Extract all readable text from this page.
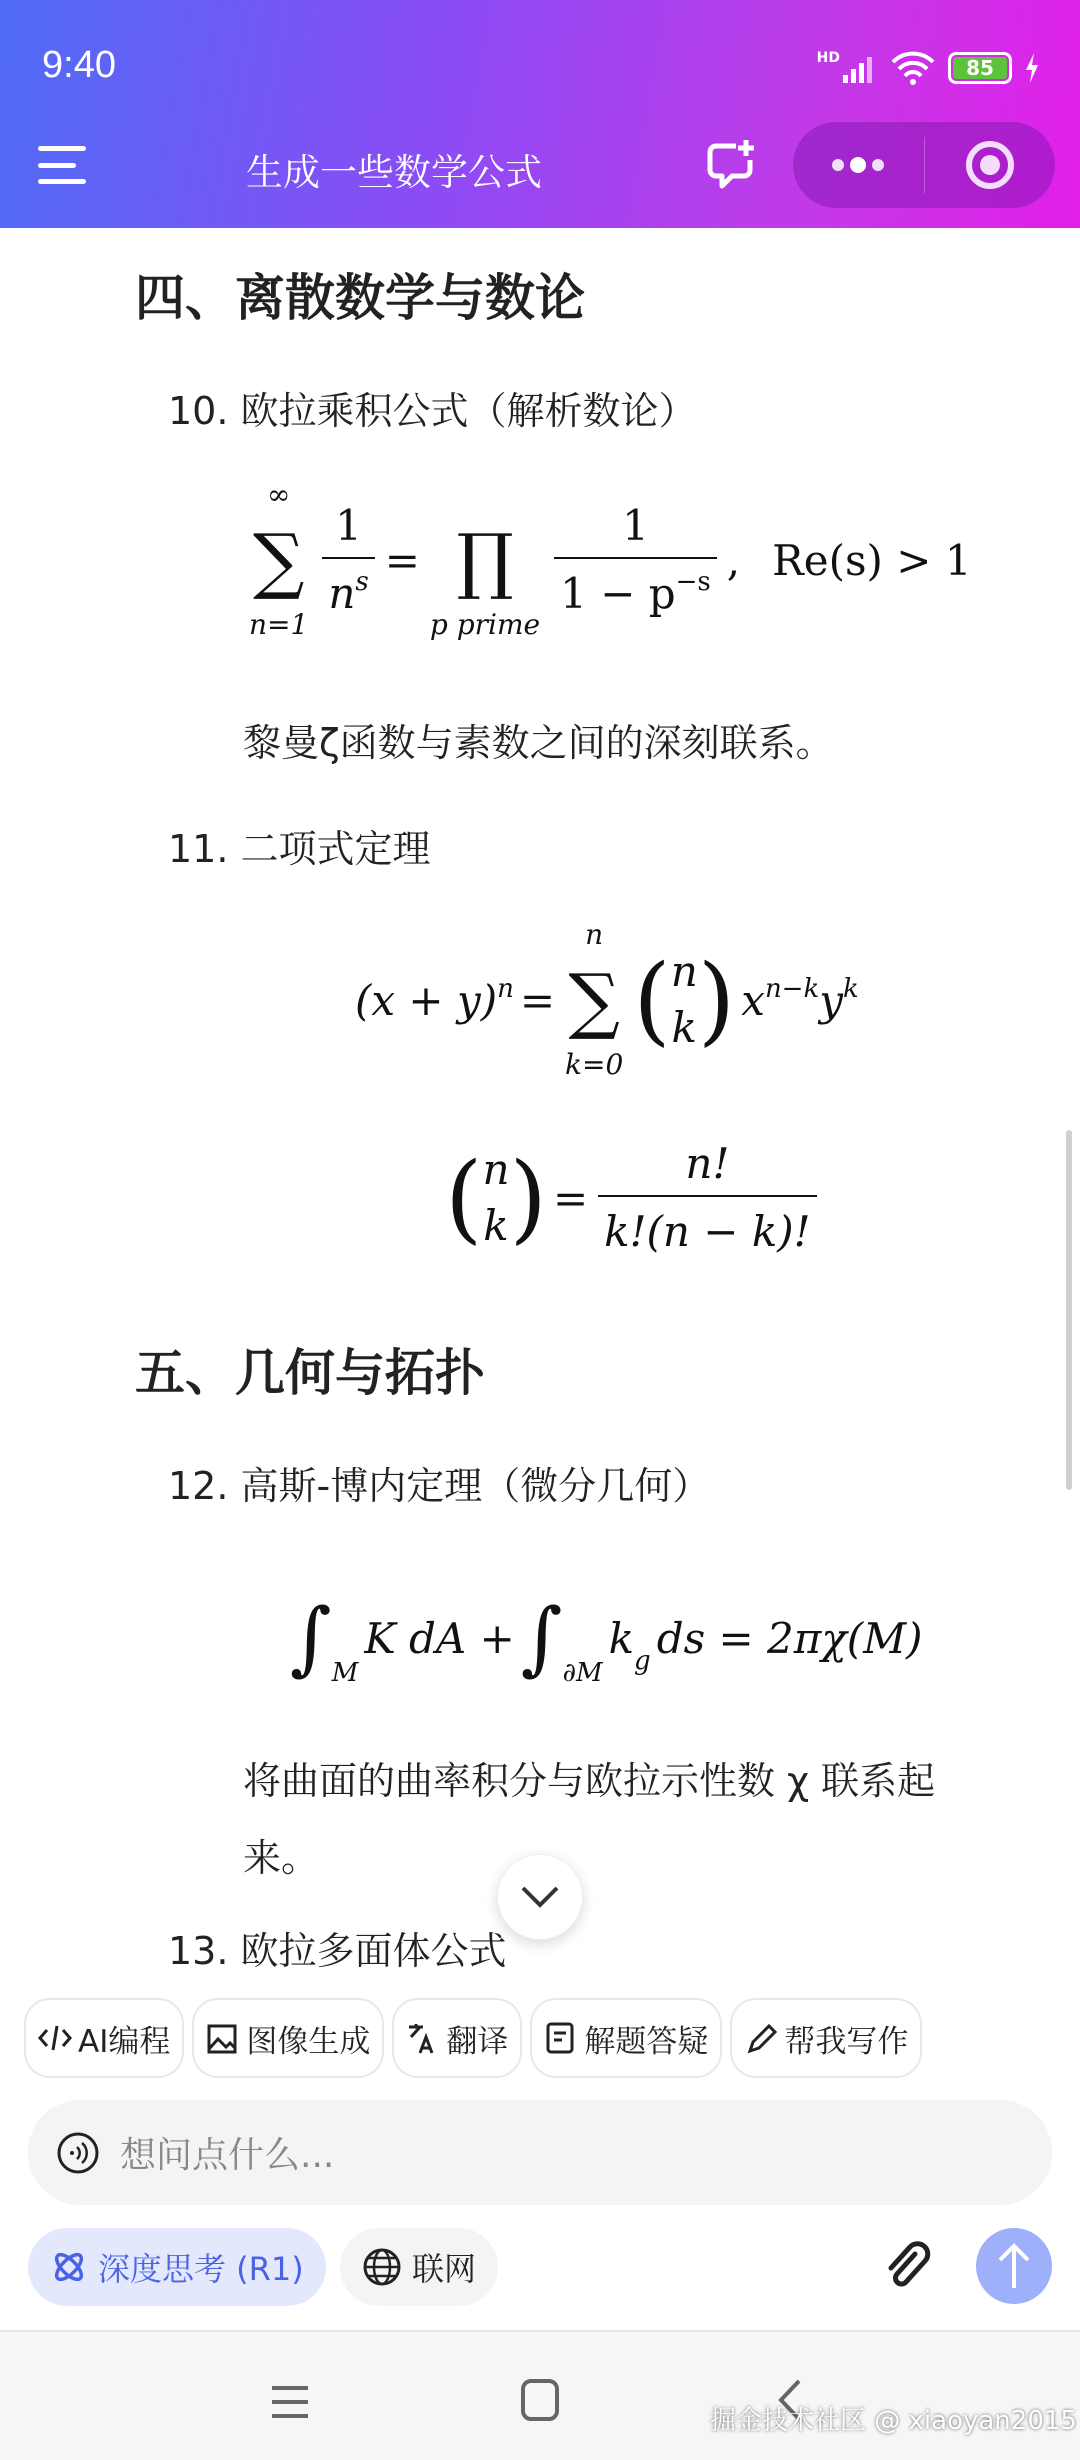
9:40	HD	85
生成一些数学公式
四、离散数学与数论
10. 欧拉乘积公式（解析数论）
∞
∑
n=1
$\frac{1}{n^s}$ = ∏
p prime
$\frac{1}{1 - p^{-s}}$ , Re(s) > 1
黎曼ζ函数与素数之间的深刻联系。
11. 二项式定理
$(x + y)^n$ =
n
∑
k=0
( n
k ) $x^{n-k}y^k$
( n
k ) = $\frac{n!}{k!(n - k)!}$
五、几何与拓扑
12. 高斯-博内定理（微分几何）
$\int_M$
K dA + $\int_{\partial M}$
$k_g$ ds = 2πχ(M)
将曲面的曲率积分与欧拉示性数 χ 联系起
来。
13. 欧拉多面体公式
AI编程 图像生成 翻译 解题答疑 帮我写作
想问点什么...
深度思考 (R1)	联网
掘金技术社区 @ xiaoyan2015
